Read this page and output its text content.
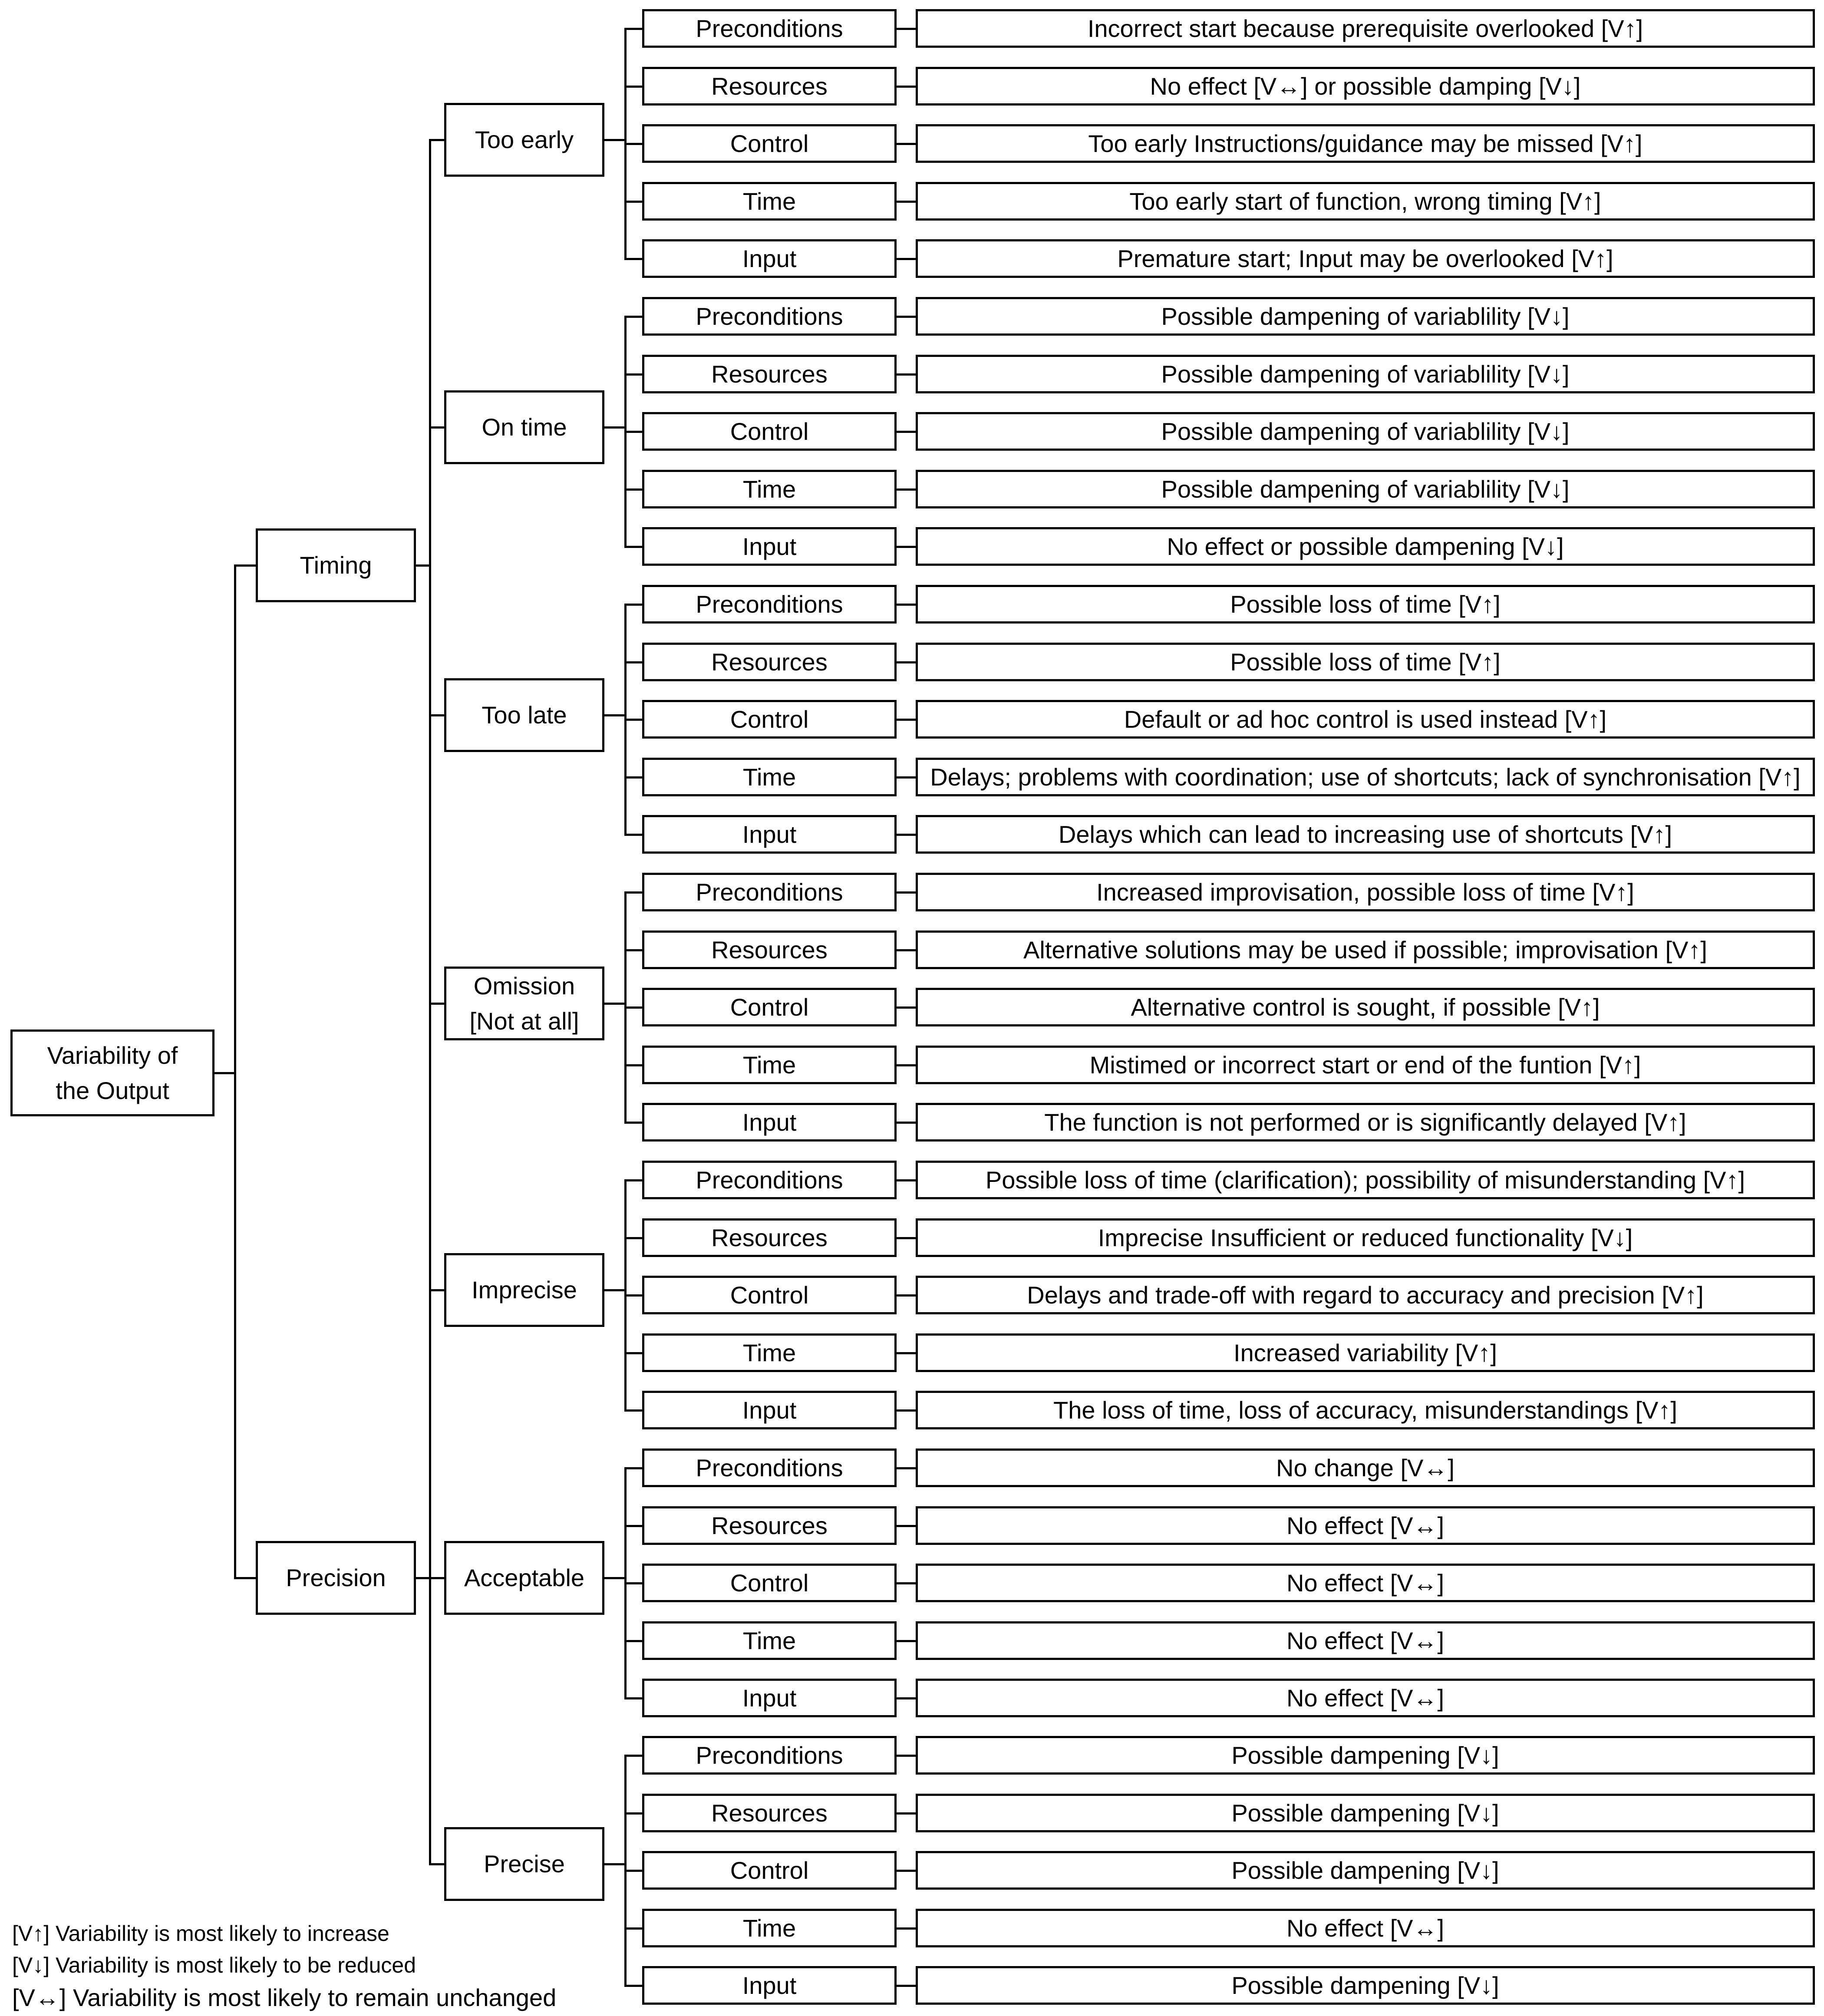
Variability of
the Output
Timing
Precision
Too early
On time
Too late
Omission
[Not at all]
Imprecise
Acceptable
Precise
Preconditions	Incorrect start because prerequisite overlooked [V↑]
Resources	No effect [V↔] or possible damping [V↓]
Control	Too early Instructions/guidance may be missed [V↑]
Time	Too early start of function, wrong timing [V↑]
Input	Premature start; Input may be overlooked [V↑]
Preconditions	Possible dampening of variablility [V↓]
Resources	Possible dampening of variablility [V↓]
Control	Possible dampening of variablility [V↓]
Time	Possible dampening of variablility [V↓]
Input	No effect or possible dampening [V↓]
Preconditions	Possible loss of time [V↑]
Resources	Possible loss of time [V↑]
Control	Default or ad hoc control is used instead [V↑]
Time	Delays; problems with coordination; use of shortcuts; lack of synchronisation [V↑]
Input	Delays which can lead to increasing use of shortcuts [V↑]
Preconditions	Increased improvisation, possible loss of time [V↑]
Resources	Alternative solutions may be used if possible; improvisation [V↑]
Control	Alternative control is sought, if possible [V↑]
Time	Mistimed or incorrect start or end of the funtion [V↑]
Input	The function is not performed or is significantly delayed [V↑]
Preconditions	Possible loss of time (clarification); possibility of misunderstanding [V↑]
Resources	Imprecise Insufficient or reduced functionality [V↓]
Control	Delays and trade-off with regard to accuracy and precision [V↑]
Time	Increased variability [V↑]
Input	The loss of time, loss of accuracy, misunderstandings [V↑]
Preconditions	No change [V↔]
Resources	No effect [V↔]
Control	No effect [V↔]
Time	No effect [V↔]
Input	No effect [V↔]
Preconditions	Possible dampening [V↓]
Resources	Possible dampening [V↓]
Control	Possible dampening [V↓]
Time	No effect [V↔]
Input	Possible dampening [V↓]
[V↑] Variability is most likely to increase
[V↓] Variability is most likely to be reduced
[V↔] Variability is most likely to remain unchanged
